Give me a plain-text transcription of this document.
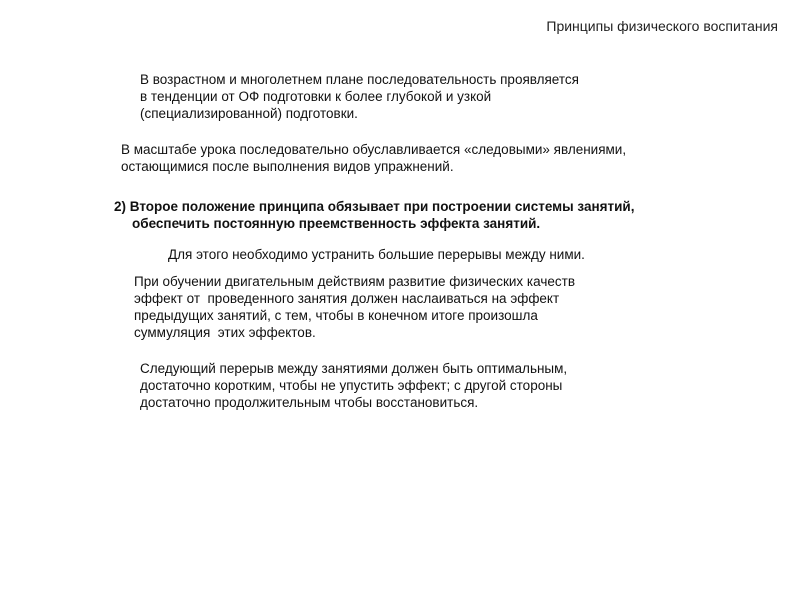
Принципы физического воспитания
В возрастном и многолетнем плане последовательность проявляется
в тенденции от ОФ подготовки к более глубокой и узкой
(специализированной) подготовки.
В масштабе урока последовательно обуславливается «следовыми» явлениями,
остающимися после выполнения видов упражнений.
2) Второе положение принципа обязывает при построении системы занятий,
обеспечить постоянную преемственность эффекта занятий.
Для этого необходимо устранить большие перерывы между ними.
При обучении двигательным действиям развитие физических качеств
эффект от  проведенного занятия должен наслаиваться на эффект
предыдущих занятий, с тем, чтобы в конечном итоге произошла
суммуляция  этих эффектов.
Следующий перерыв между занятиями должен быть оптимальным,
достаточно коротким, чтобы не упустить эффект; с другой стороны
достаточно продолжительным чтобы восстановиться.
